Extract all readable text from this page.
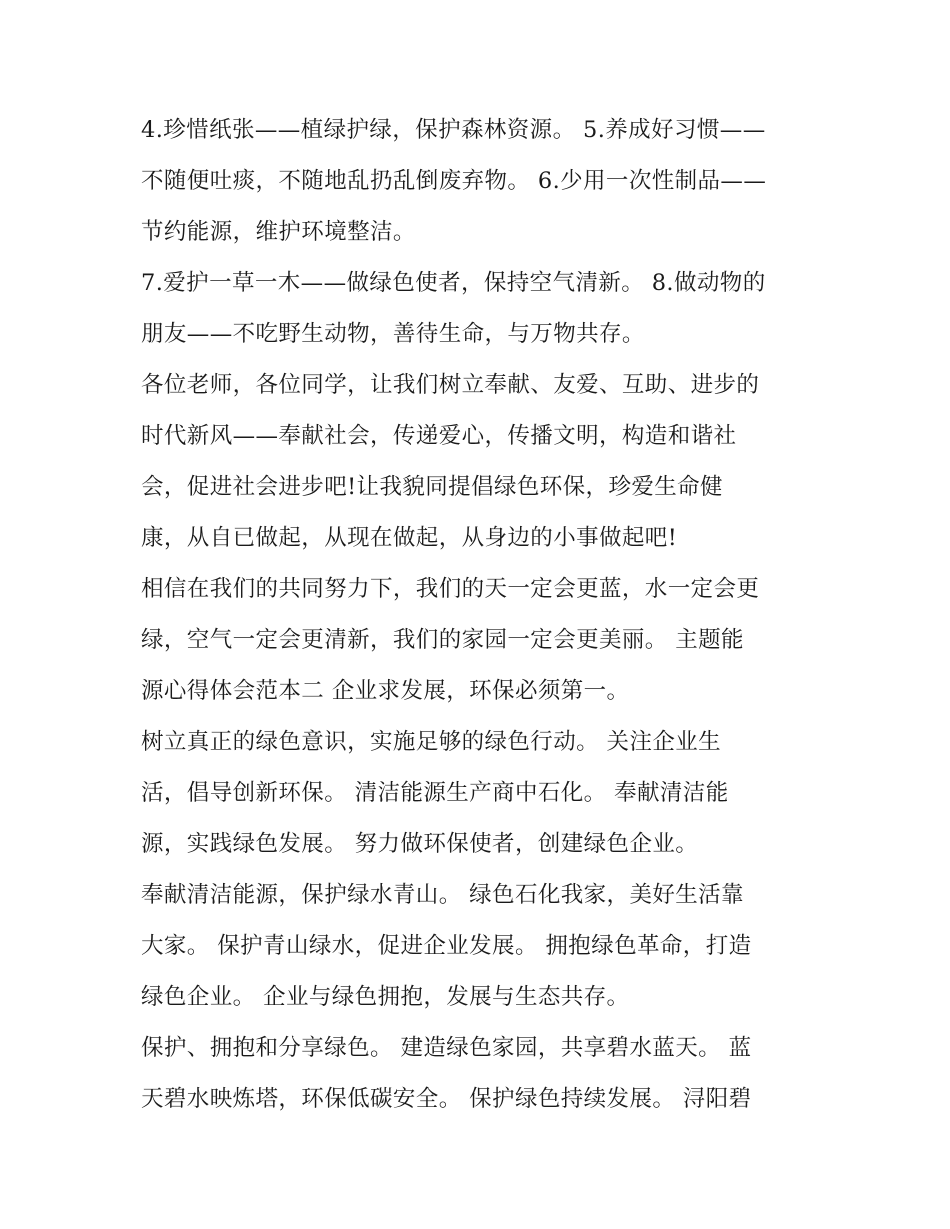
4.珍惜纸张——植绿护绿，保护森林资源。 5.养成好习惯——
不随便吐痰，不随地乱扔乱倒废弃物。 6.少用一次性制品——
节约能源，维护环境整洁。
7.爱护一草一木——做绿色使者，保持空气清新。 8.做动物的
朋友——不吃野生动物，善待生命，与万物共存。
各位老师，各位同学，让我们树立奉献、友爱、互助、进步的
时代新风——奉献社会，传递爱心，传播文明，构造和谐社
会，促进社会进步吧!让我貌同提倡绿色环保，珍爱生命健
康，从自已做起，从现在做起，从身边的小事做起吧!
相信在我们的共同努力下，我们的天一定会更蓝，水一定会更
绿，空气一定会更清新，我们的家园一定会更美丽。 主题能
源心得体会范本二 企业求发展，环保必须第一。
树立真正的绿色意识，实施足够的绿色行动。 关注企业生
活，倡导创新环保。 清洁能源生产商中石化。 奉献清洁能
源，实践绿色发展。 努力做环保使者，创建绿色企业。
奉献清洁能源，保护绿水青山。 绿色石化我家，美好生活靠
大家。 保护青山绿水，促进企业发展。 拥抱绿色革命，打造
绿色企业。 企业与绿色拥抱，发展与生态共存。
保护、拥抱和分享绿色。 建造绿色家园，共享碧水蓝天。 蓝
天碧水映炼塔，环保低碳安全。 保护绿色持续发展。 浔阳碧
